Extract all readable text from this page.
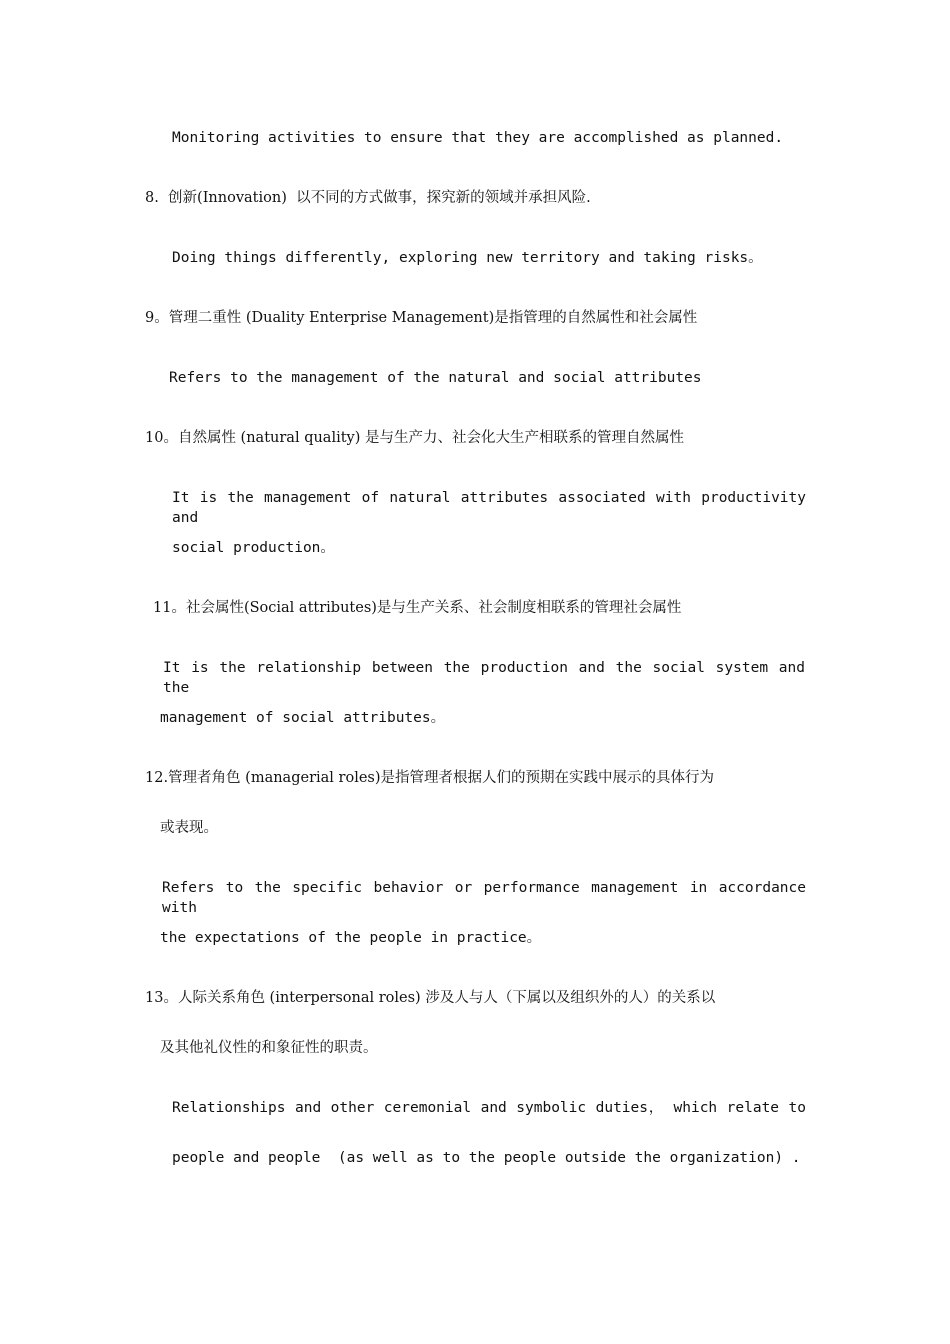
Monitoring activities to ensure that they are accomplished as planned.
8.  创新(Innovation)  以不同的方式做事，探究新的领域并承担风险.
Doing things differently, exploring new territory and taking risks。
9。管理二重性 (Duality Enterprise Management)是指管理的自然属性和社会属性
Refers to the management of the natural and social attributes
10。自然属性 (natural quality) 是与生产力、社会化大生产相联系的管理自然属性
It is the management of natural attributes associated with productivity and
social production。
11。社会属性(Social attributes)是与生产关系、社会制度相联系的管理社会属性
It is the relationship between the production and the social system and the
management of social attributes。
12.管理者角色 (managerial roles)是指管理者根据人们的预期在实践中展示的具体行为
或表现。
Refers to the specific behavior or performance management in accordance with
the expectations of the people in practice。
13。人际关系角色 (interpersonal roles) 涉及人与人（下属以及组织外的人）的关系以
及其他礼仪性的和象征性的职责。
Relationships and other ceremonial and symbolic duties， which relate to
people and people  (as well as to the people outside the organization) .
